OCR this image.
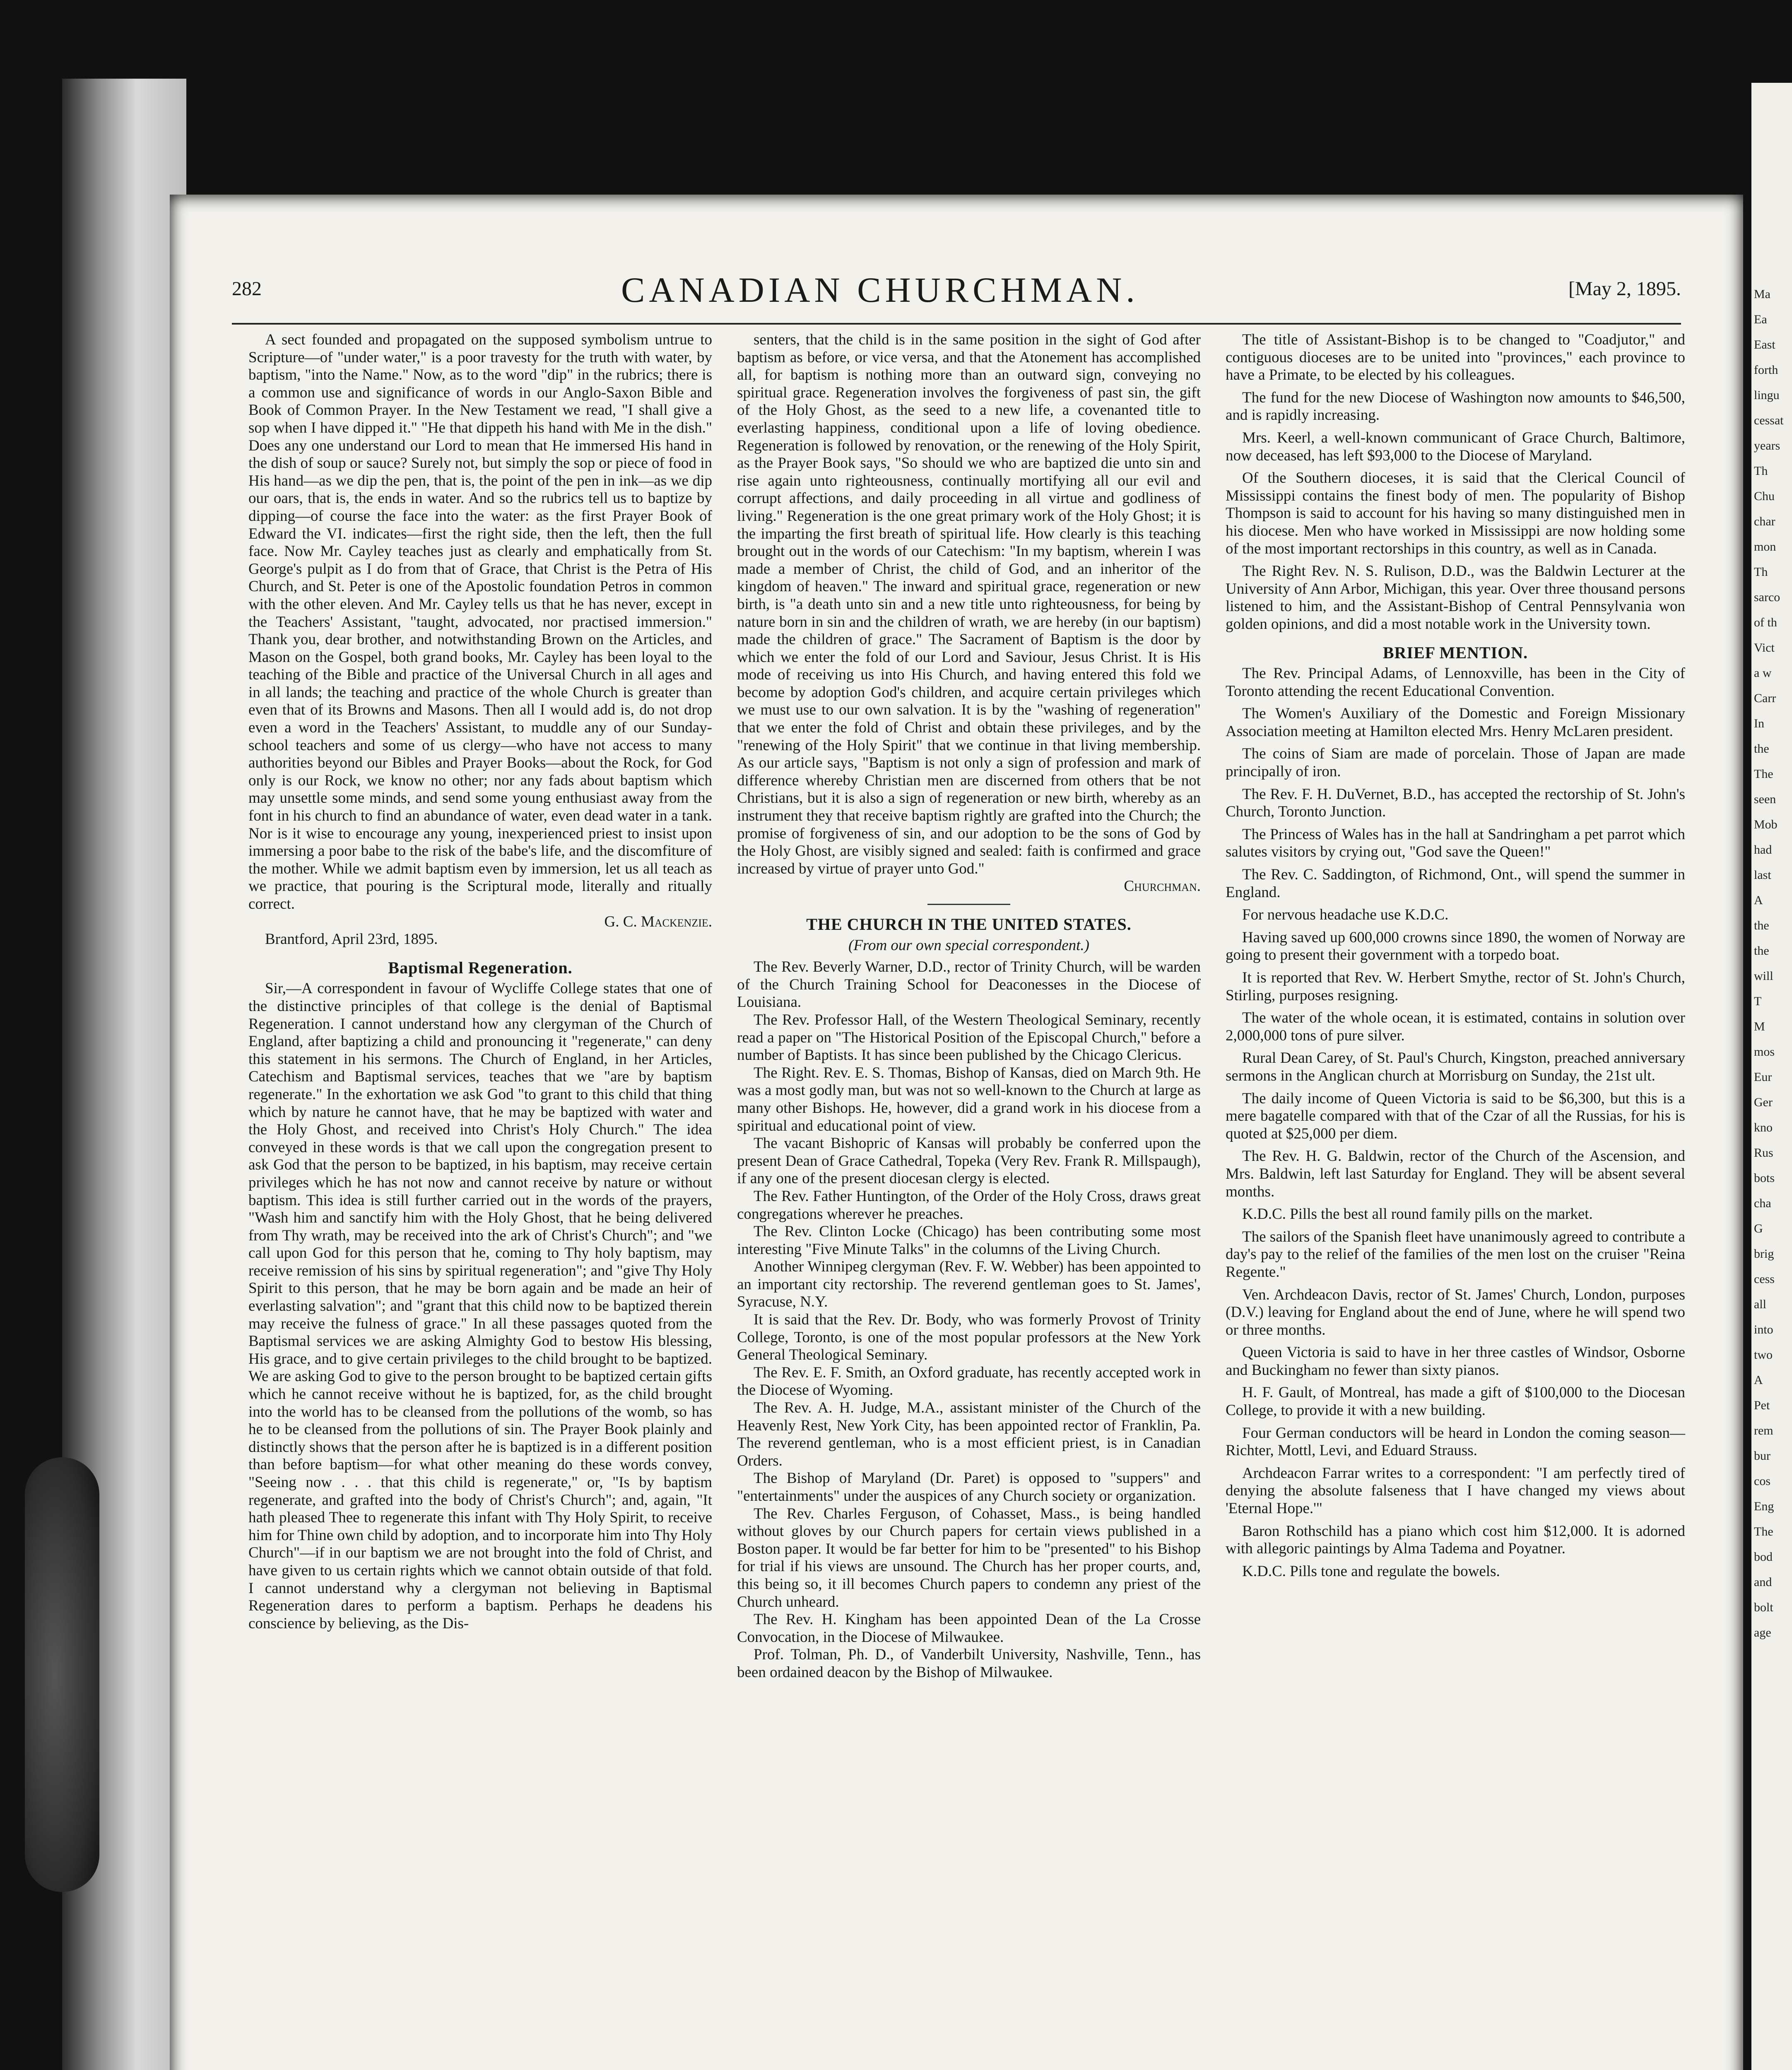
Ma
Ea
East
forth
lingu
cessat
years
Th
Chu
char
mon
Th
sarco
of th
Vict
a w
Carr
In
the
The
seen
Mob
had
last
A
the
the
will
T
M
mos
Eur
Ger
kno
Rus
bots
cha
G
brig
cess
all
into
two
A
Pet
rem
bur
cos
Eng
The
bod
and
bolt
age
282	CANADIAN CHURCHMAN.	[May 2, 1895.

A sect founded and propagated on the supposed symbolism untrue to Scripture—of "under water," is a poor travesty for the truth with water, by baptism, "into the Name." Now, as to the word "dip" in the rubrics; there is a common use and significance of words in our Anglo-Saxon Bible and Book of Common Prayer. In the New Testament we read, "I shall give a sop when I have dipped it." "He that dippeth his hand with Me in the dish." Does any one understand our Lord to mean that He immersed His hand in the dish of soup or sauce? Surely not, but simply the sop or piece of food in His hand—as we dip the pen, that is, the point of the pen in ink—as we dip our oars, that is, the ends in water. And so the rubrics tell us to baptize by dipping—of course the face into the water: as the first Prayer Book of Edward the VI. indicates—first the right side, then the left, then the full face. Now Mr. Cayley teaches just as clearly and emphatically from St. George's pulpit as I do from that of Grace, that Christ is the Petra of His Church, and St. Peter is one of the Apostolic foundation Petros in common with the other eleven. And Mr. Cayley tells us that he has never, except in the Teachers' Assistant, "taught, advocated, nor practised immersion." Thank you, dear brother, and notwithstanding Brown on the Articles, and Mason on the Gospel, both grand books, Mr. Cayley has been loyal to the teaching of the Bible and practice of the Universal Church in all ages and in all lands; the teaching and practice of the whole Church is greater than even that of its Browns and Masons. Then all I would add is, do not drop even a word in the Teachers' Assistant, to muddle any of our Sunday-school teachers and some of us clergy—who have not access to many authorities beyond our Bibles and Prayer Books—about the Rock, for God only is our Rock, we know no other; nor any fads about baptism which may unsettle some minds, and send some young enthusiast away from the font in his church to find an abundance of water, even dead water in a tank. Nor is it wise to encourage any young, inexperienced priest to insist upon immersing a poor babe to the risk of the babe's life, and the discomfiture of the mother. While we admit baptism even by immersion, let us all teach as we practice, that pouring is the Scriptural mode, literally and ritually correct.

G. C. Mackenzie.

Brantford, April 23rd, 1895.

Baptismal Regeneration.

Sir,—A correspondent in favour of Wycliffe College states that one of the distinctive principles of that college is the denial of Baptismal Regeneration. I cannot understand how any clergyman of the Church of England, after baptizing a child and pronouncing it "regenerate," can deny this statement in his sermons. The Church of England, in her Articles, Catechism and Baptismal services, teaches that we "are by baptism regenerate." In the exhortation we ask God "to grant to this child that thing which by nature he cannot have, that he may be baptized with water and the Holy Ghost, and received into Christ's Holy Church." The idea conveyed in these words is that we call upon the congregation present to ask God that the person to be baptized, in his baptism, may receive certain privileges which he has not now and cannot receive by nature or without baptism. This idea is still further carried out in the words of the prayers, "Wash him and sanctify him with the Holy Ghost, that he being delivered from Thy wrath, may be received into the ark of Christ's Church"; and "we call upon God for this person that he, coming to Thy holy baptism, may receive remission of his sins by spiritual regeneration"; and "give Thy Holy Spirit to this person, that he may be born again and be made an heir of everlasting salvation"; and "grant that this child now to be baptized therein may receive the fulness of grace." In all these passages quoted from the Baptismal services we are asking Almighty God to bestow His blessing, His grace, and to give certain privileges to the child brought to be baptized. We are asking God to give to the person brought to be baptized certain gifts which he cannot receive without he is baptized, for, as the child brought into the world has to be cleansed from the pollutions of the womb, so has he to be cleansed from the pollutions of sin. The Prayer Book plainly and distinctly shows that the person after he is baptized is in a different position than before baptism—for what other meaning do these words convey, "Seeing now . . . that this child is regenerate," or, "Is by baptism regenerate, and grafted into the body of Christ's Church"; and, again, "It hath pleased Thee to regenerate this infant with Thy Holy Spirit, to receive him for Thine own child by adoption, and to incorporate him into Thy Holy Church"—if in our baptism we are not brought into the fold of Christ, and have given to us certain rights which we cannot obtain outside of that fold. I cannot understand why a clergyman not believing in Baptismal Regeneration dares to perform a baptism. Perhaps he deadens his conscience by believing, as the Dis-

senters, that the child is in the same position in the sight of God after baptism as before, or vice versa, and that the Atonement has accomplished all, for baptism is nothing more than an outward sign, conveying no spiritual grace. Regeneration involves the forgiveness of past sin, the gift of the Holy Ghost, as the seed to a new life, a covenanted title to everlasting happiness, conditional upon a life of loving obedience. Regeneration is followed by renovation, or the renewing of the Holy Spirit, as the Prayer Book says, "So should we who are baptized die unto sin and rise again unto righteousness, continually mortifying all our evil and corrupt affections, and daily proceeding in all virtue and godliness of living." Regeneration is the one great primary work of the Holy Ghost; it is the imparting the first breath of spiritual life. How clearly is this teaching brought out in the words of our Catechism: "In my baptism, wherein I was made a member of Christ, the child of God, and an inheritor of the kingdom of heaven." The inward and spiritual grace, regeneration or new birth, is "a death unto sin and a new title unto righteousness, for being by nature born in sin and the children of wrath, we are hereby (in our baptism) made the children of grace." The Sacrament of Baptism is the door by which we enter the fold of our Lord and Saviour, Jesus Christ. It is His mode of receiving us into His Church, and having entered this fold we become by adoption God's children, and acquire certain privileges which we must use to our own salvation. It is by the "washing of regeneration" that we enter the fold of Christ and obtain these privileges, and by the "renewing of the Holy Spirit" that we continue in that living membership. As our article says, "Baptism is not only a sign of profession and mark of difference whereby Christian men are discerned from others that be not Christians, but it is also a sign of regeneration or new birth, whereby as an instrument they that receive baptism rightly are grafted into the Church; the promise of forgiveness of sin, and our adoption to be the sons of God by the Holy Ghost, are visibly signed and sealed: faith is confirmed and grace increased by virtue of prayer unto God."

Churchman.

THE CHURCH IN THE UNITED STATES.

(From our own special correspondent.)

The Rev. Beverly Warner, D.D., rector of Trinity Church, will be warden of the Church Training School for Deaconesses in the Diocese of Louisiana.

The Rev. Professor Hall, of the Western Theological Seminary, recently read a paper on "The Historical Position of the Episcopal Church," before a number of Baptists. It has since been published by the Chicago Clericus.

The Right. Rev. E. S. Thomas, Bishop of Kansas, died on March 9th. He was a most godly man, but was not so well-known to the Church at large as many other Bishops. He, however, did a grand work in his diocese from a spiritual and educational point of view.

The vacant Bishopric of Kansas will probably be conferred upon the present Dean of Grace Cathedral, Topeka (Very Rev. Frank R. Millspaugh), if any one of the present diocesan clergy is elected.

The Rev. Father Huntington, of the Order of the Holy Cross, draws great congregations wherever he preaches.

The Rev. Clinton Locke (Chicago) has been contributing some most interesting "Five Minute Talks" in the columns of the Living Church.

Another Winnipeg clergyman (Rev. F. W. Webber) has been appointed to an important city rectorship. The reverend gentleman goes to St. James', Syracuse, N.Y.

It is said that the Rev. Dr. Body, who was formerly Provost of Trinity College, Toronto, is one of the most popular professors at the New York General Theological Seminary.

The Rev. E. F. Smith, an Oxford graduate, has recently accepted work in the Diocese of Wyoming.

The Rev. A. H. Judge, M.A., assistant minister of the Church of the Heavenly Rest, New York City, has been appointed rector of Franklin, Pa. The reverend gentleman, who is a most efficient priest, is in Canadian Orders.

The Bishop of Maryland (Dr. Paret) is opposed to "suppers" and "entertainments" under the auspices of any Church society or organization.

The Rev. Charles Ferguson, of Cohasset, Mass., is being handled without gloves by our Church papers for certain views published in a Boston paper. It would be far better for him to be "presented" to his Bishop for trial if his views are unsound. The Church has her proper courts, and, this being so, it ill becomes Church papers to condemn any priest of the Church unheard.

The Rev. H. Kingham has been appointed Dean of the La Crosse Convocation, in the Diocese of Milwaukee.

Prof. Tolman, Ph. D., of Vanderbilt University, Nashville, Tenn., has been ordained deacon by the Bishop of Milwaukee.

The title of Assistant-Bishop is to be changed to "Coadjutor," and contiguous dioceses are to be united into "provinces," each province to have a Primate, to be elected by his colleagues.

The fund for the new Diocese of Washington now amounts to $46,500, and is rapidly increasing.

Mrs. Keerl, a well-known communicant of Grace Church, Baltimore, now deceased, has left $93,000 to the Diocese of Maryland.

Of the Southern dioceses, it is said that the Clerical Council of Mississippi contains the finest body of men. The popularity of Bishop Thompson is said to account for his having so many distinguished men in his diocese. Men who have worked in Mississippi are now holding some of the most important rectorships in this country, as well as in Canada.

The Right Rev. N. S. Rulison, D.D., was the Baldwin Lecturer at the University of Ann Arbor, Michigan, this year. Over three thousand persons listened to him, and the Assistant-Bishop of Central Pennsylvania won golden opinions, and did a most notable work in the University town.

BRIEF MENTION.

The Rev. Principal Adams, of Lennoxville, has been in the City of Toronto attending the recent Educational Convention.

The Women's Auxiliary of the Domestic and Foreign Missionary Association meeting at Hamilton elected Mrs. Henry McLaren president.

The coins of Siam are made of porcelain. Those of Japan are made principally of iron.

The Rev. F. H. DuVernet, B.D., has accepted the rectorship of St. John's Church, Toronto Junction.

The Princess of Wales has in the hall at Sandringham a pet parrot which salutes visitors by crying out, "God save the Queen!"

The Rev. C. Saddington, of Richmond, Ont., will spend the summer in England.

For nervous headache use K.D.C.

Having saved up 600,000 crowns since 1890, the women of Norway are going to present their government with a torpedo boat.

It is reported that Rev. W. Herbert Smythe, rector of St. John's Church, Stirling, purposes resigning.

The water of the whole ocean, it is estimated, contains in solution over 2,000,000 tons of pure silver.

Rural Dean Carey, of St. Paul's Church, Kingston, preached anniversary sermons in the Anglican church at Morrisburg on Sunday, the 21st ult.

The daily income of Queen Victoria is said to be $6,300, but this is a mere bagatelle compared with that of the Czar of all the Russias, for his is quoted at $25,000 per diem.

The Rev. H. G. Baldwin, rector of the Church of the Ascension, and Mrs. Baldwin, left last Saturday for England. They will be absent several months.

K.D.C. Pills the best all round family pills on the market.

The sailors of the Spanish fleet have unanimously agreed to contribute a day's pay to the relief of the families of the men lost on the cruiser "Reina Regente."

Ven. Archdeacon Davis, rector of St. James' Church, London, purposes (D.V.) leaving for England about the end of June, where he will spend two or three months.

Queen Victoria is said to have in her three castles of Windsor, Osborne and Buckingham no fewer than sixty pianos.

H. F. Gault, of Montreal, has made a gift of $100,000 to the Diocesan College, to provide it with a new building.

Four German conductors will be heard in London the coming season—Richter, Mottl, Levi, and Eduard Strauss.

Archdeacon Farrar writes to a correspondent: "I am perfectly tired of denying the absolute falseness that I have changed my views about 'Eternal Hope.'"

Baron Rothschild has a piano which cost him $12,000. It is adorned with allegoric paintings by Alma Tadema and Poyatner.

K.D.C. Pills tone and regulate the bowels.
